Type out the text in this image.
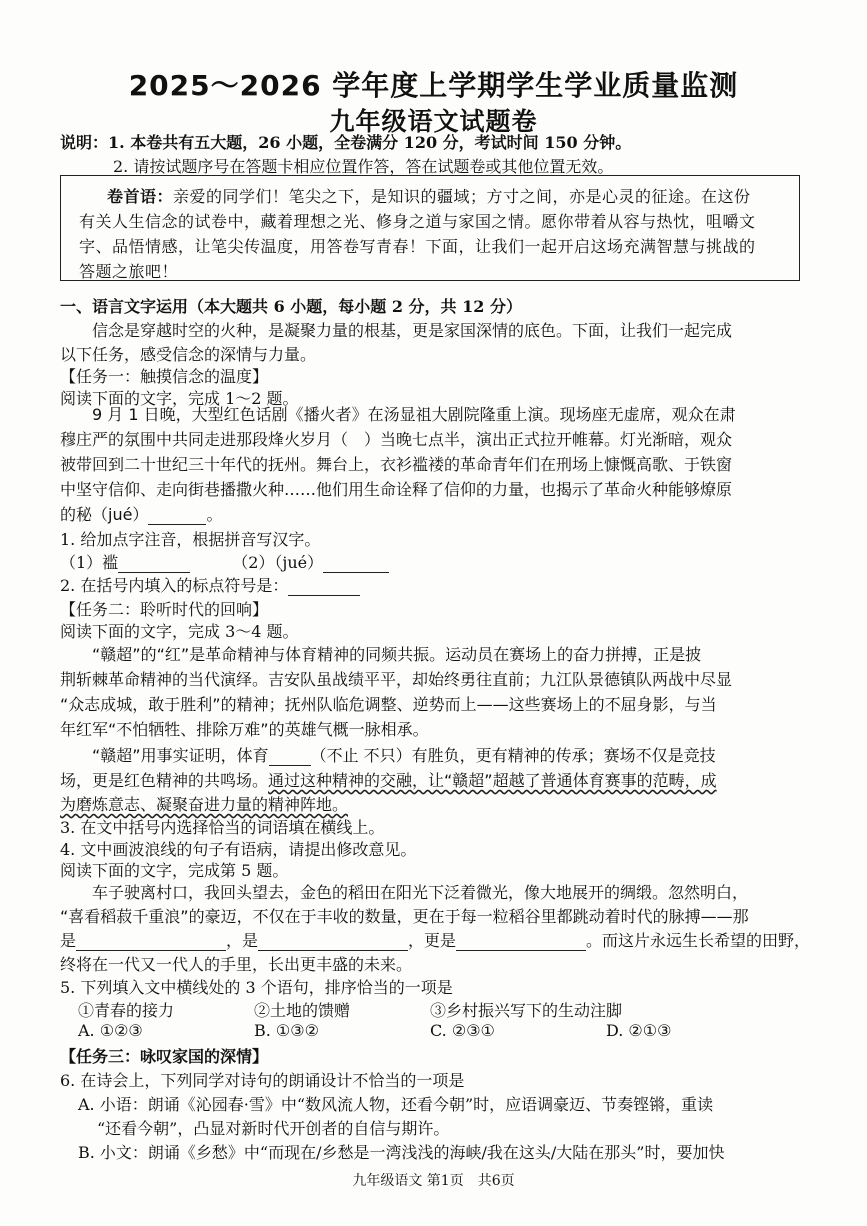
2025～2026 学年度上学期学生学业质量监测
九年级语文试题卷
说明：1. 本卷共有五大题，26 小题，全卷满分 120 分，考试时间 150 分钟。
2. 请按试题序号在答题卡相应位置作答，答在试题卷或其他位置无效。
卷首语：亲爱的同学们！笔尖之下，是知识的疆域；方寸之间，亦是心灵的征途。在这份
有关人生信念的试卷中，藏着理想之光、修身之道与家国之情。愿你带着从容与热忱，咀嚼文
字、品悟情感，让笔尖传温度，用答卷写青春！下面，让我们一起开启这场充满智慧与挑战的
答题之旅吧！
一、语言文字运用（本大题共 6 小题，每小题 2 分，共 12 分）
信念是穿越时空的火种，是凝聚力量的根基，更是家国深情的底色。下面，让我们一起完成
以下任务，感受信念的深情与力量。
【任务一：触摸信念的温度】
阅读下面的文字，完成 1～2 题。
9 月 1 日晚，大型红色话剧《播火者》在汤显祖大剧院隆重上演。现场座无虚席，观众在肃
穆庄严的氛围中共同走进那段烽火岁月（　）当晚七点半，演出正式拉开帷幕。灯光渐暗，观众
被带回到二十世纪三十年代的抚州。舞台上，衣衫褴褛的革命青年们在刑场上慷慨高歌、于铁窗
中坚守信仰、走向街巷播撒火种……他们用生命诠释了信仰的力量，也揭示了革命火种能够燎原
的秘（jué）	。
1. 给加点字注音，根据拼音写汉字。
（1）褴	（2）（jué）
2. 在括号内填入的标点符号是：
【任务二：聆听时代的回响】
阅读下面的文字，完成 3～4 题。
“赣超”的“红”是革命精神与体育精神的同频共振。运动员在赛场上的奋力拼搏，正是披
荆斩棘革命精神的当代演绎。吉安队虽战绩平平，却始终勇往直前；九江队景德镇队两战中尽显
“众志成城，敢于胜利”的精神；抚州队临危调整、逆势而上——这些赛场上的不屈身影，与当
年红军“不怕牺牲、排除万难”的英雄气概一脉相承。
“赣超”用事实证明，体育	（不止 不只）有胜负，更有精神的传承；赛场不仅是竞技
场，更是红色精神的共鸣场。通过这种精神的交融，让“赣超”超越了普通体育赛事的范畴，成
为磨炼意志、凝聚奋进力量的精神阵地。
3. 在文中括号内选择恰当的词语填在横线上。
4. 文中画波浪线的句子有语病，请提出修改意见。
阅读下面的文字，完成第 5 题。
车子驶离村口，我回头望去，金色的稻田在阳光下泛着微光，像大地展开的绸缎。忽然明白，
“喜看稻菽千重浪”的豪迈，不仅在于丰收的数量，更在于每一粒稻谷里都跳动着时代的脉搏——那
是	，是	，更是	。而这片永远生长希望的田野，
终将在一代又一代人的手里，长出更丰盛的未来。
5. 下列填入文中横线处的 3 个语句，排序恰当的一项是
①青春的接力	②土地的馈赠	③乡村振兴写下的生动注脚
A. ①②③	B. ①③②	C. ②③①	D. ②①③
【任务三：咏叹家国的深情】
6. 在诗会上，下列同学对诗句的朗诵设计不恰当的一项是
A. 小语：朗诵《沁园春·雪》中“数风流人物，还看今朝”时，应语调豪迈、节奏铿锵，重读
九年级语文 第1页　共6页
“还看今朝”，凸显对新时代开创者的自信与期许。
B. 小文：朗诵《乡愁》中“而现在/乡愁是一湾浅浅的海峡/我在这头/大陆在那头”时，要加快
